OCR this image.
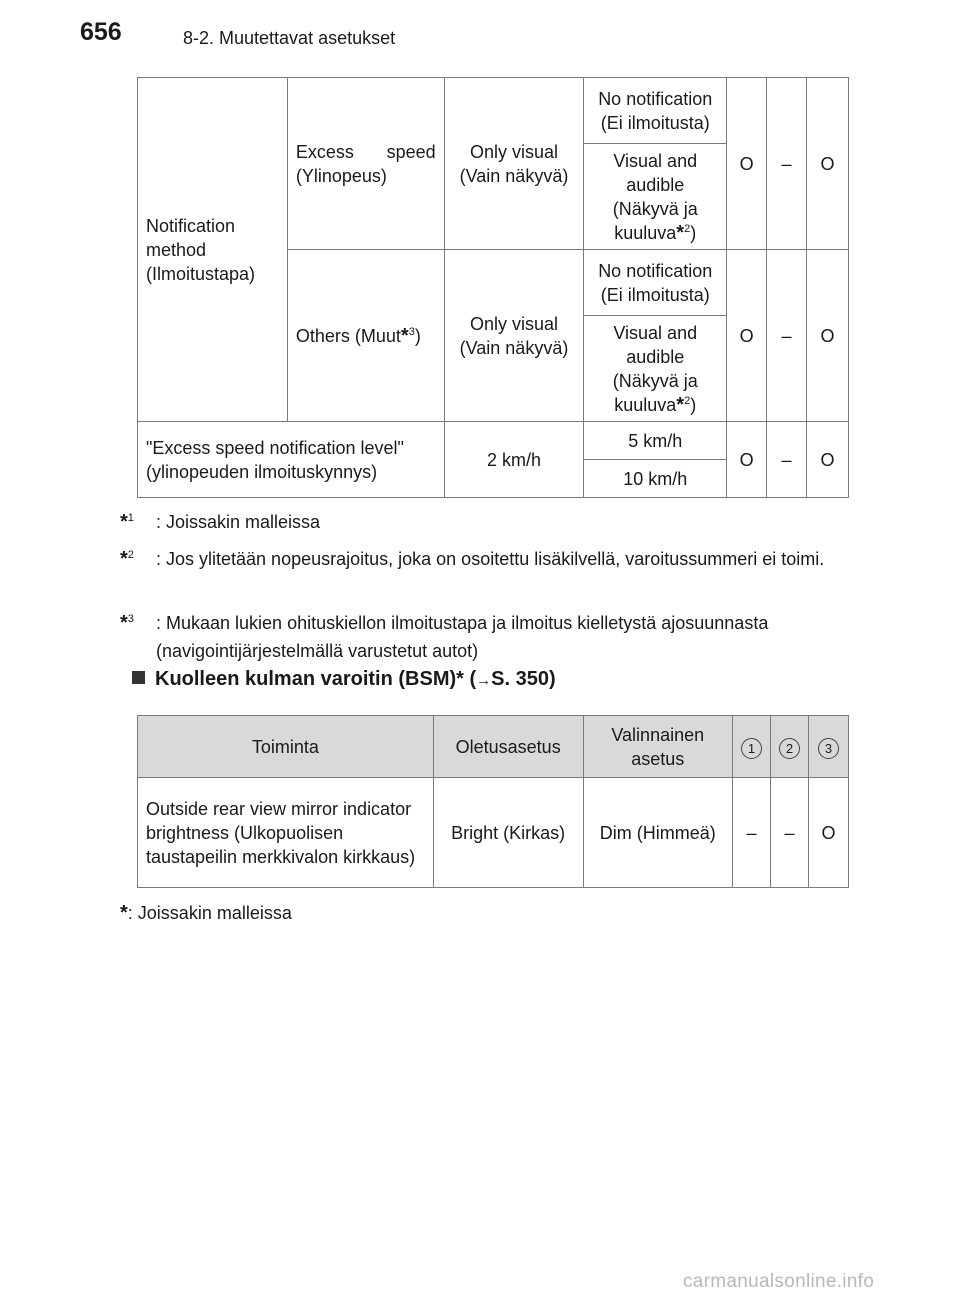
656	8-2. Muutettavat asetukset
Notification method (Ilmoitustapa)	Excess speed (Ylinopeus)	Only visual (Vain näkyvä)	No notification (Ei ilmoitusta)	O	–	O
			Visual and audible (Näkyvä ja kuuluva*$^2$)			
	Others (Muut*$^3$)	Only visual (Vain näkyvä)	No notification (Ei ilmoitusta)	O	–	O
			Visual and audible (Näkyvä ja kuuluva*$^2$)			
"Excess speed notification level" (ylinopeuden ilmoituskynnys)		2 km/h	5 km/h	O	–	O
			10 km/h			
*$^1$ : Joissakin malleissa
*$^2$ : Jos ylitetään nopeusrajoitus, joka on osoitettu lisäkilvellä, varoitussummeri ei toimi.
*$^3$ : Mukaan lukien ohituskiellon ilmoitustapa ja ilmoitus kielletystä ajosuunnasta (navigointijärjestelmällä varustetut autot)
Kuolleen kulman varoitin (BSM)* (→S. 350)
Toiminta	Oletusasetus	Valinnainen asetus	1	2	3
Outside rear view mirror indicator brightness (Ulkopuolisen taustapeilin merkkivalon kirkkaus)	Bright (Kirkas)	Dim (Himmeä)	–	–	O
*: Joissakin malleissa
carmanualsonline.info
